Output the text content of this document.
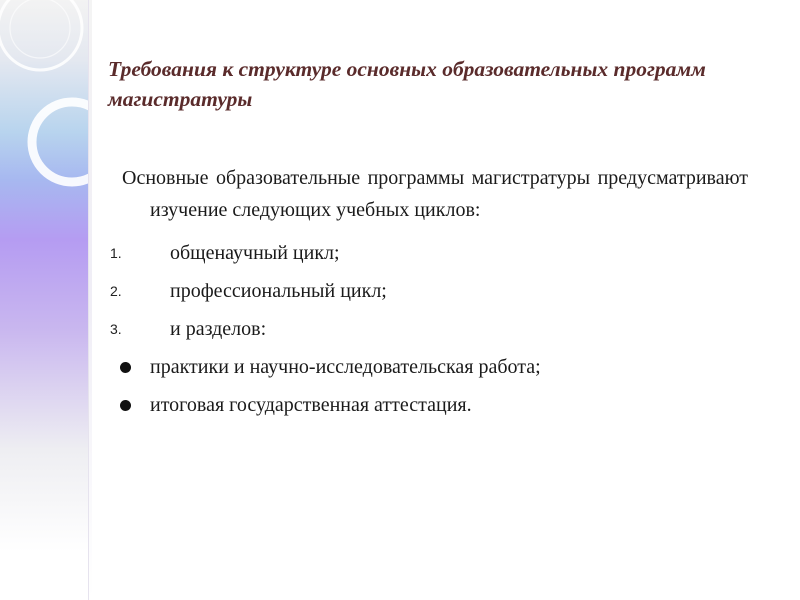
Требования к структуре основных образовательных программ магистратуры

Основные образовательные программы магистратуры предусматривают изучение следующих учебных циклов:

1. общенаучный цикл;
2. профессиональный цикл;
3. и разделов:
практики и научно-исследовательская работа;
итоговая государственная аттестация.
